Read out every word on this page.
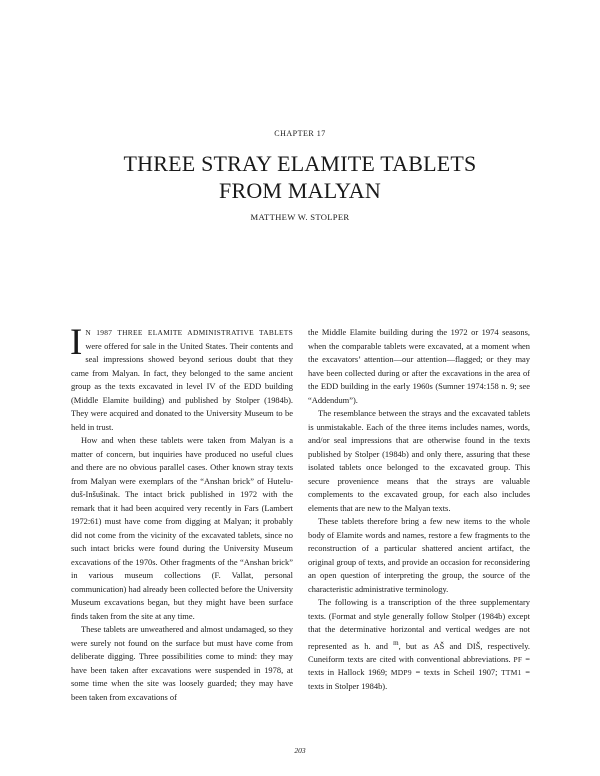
CHAPTER 17
THREE STRAY ELAMITE TABLETS
FROM MALYAN
MATTHEW W. STOLPER

I N 1987 THREE ELAMITE ADMINISTRATIVE TABLETS were offered for sale in the United States. Their contents and seal impressions showed beyond serious doubt that they came from Malyan. In fact, they belonged to the same ancient group as the texts excavated in level IV of the EDD building (Middle Elamite building) and published by Stolper (1984b). They were acquired and donated to the University Museum to be held in trust.

How and when these tablets were taken from Malyan is a matter of concern, but inquiries have produced no useful clues and there are no obvious parallel cases. Other known stray texts from Malyan were exemplars of the “Anshan brick” of Huteluduš-Inšušinak. The intact brick published in 1972 with the remark that it had been acquired very recently in Fars (Lambert 1972:61) must have come from digging at Malyan; it probably did not come from the vicinity of the excavated tablets, since no such intact bricks were found during the University Museum excavations of the 1970s. Other fragments of the “Anshan brick” in various museum collections (F. Vallat, personal communication) had already been collected before the University Museum excavations began, but they might have been surface finds taken from the site at any time.

These tablets are unweathered and almost undamaged, so they were surely not found on the surface but must have come from deliberate digging. Three possibilities come to mind: they may have been taken after excavations were suspended in 1978, at some time when the site was loosely guarded; they may have been taken from excavations of

the Middle Elamite building during the 1972 or 1974 seasons, when the comparable tablets were excavated, at a moment when the excavators’ attention—our attention—flagged; or they may have been collected during or after the excavations in the area of the EDD building in the early 1960s (Sumner 1974:158 n. 9; see “Addendum”).

The resemblance between the strays and the excavated tablets is unmistakable. Each of the three items includes names, words, and/or seal impressions that are otherwise found in the texts published by Stolper (1984b) and only there, assuring that these isolated tablets once belonged to the excavated group. This secure provenience means that the strays are valuable complements to the excavated group, for each also includes elements that are new to the Malyan texts.

These tablets therefore bring a few new items to the whole body of Elamite words and names, restore a few fragments to the reconstruction of a particular shattered ancient artifact, the original group of texts, and provide an occasion for reconsidering an open question of interpreting the group, the source of the characteristic administrative terminology.

The following is a transcription of the three supplementary texts. (Format and style generally follow Stolper (1984b) except that the determinative horizontal and vertical wedges are not represented as h. and $^m$, but as AŠ and DIŠ, respectively. Cuneiform texts are cited with conventional abbreviations. PF = texts in Hallock 1969; MDP9 = texts in Scheil 1907; TTM1 = texts in Stolper 1984b).

203
